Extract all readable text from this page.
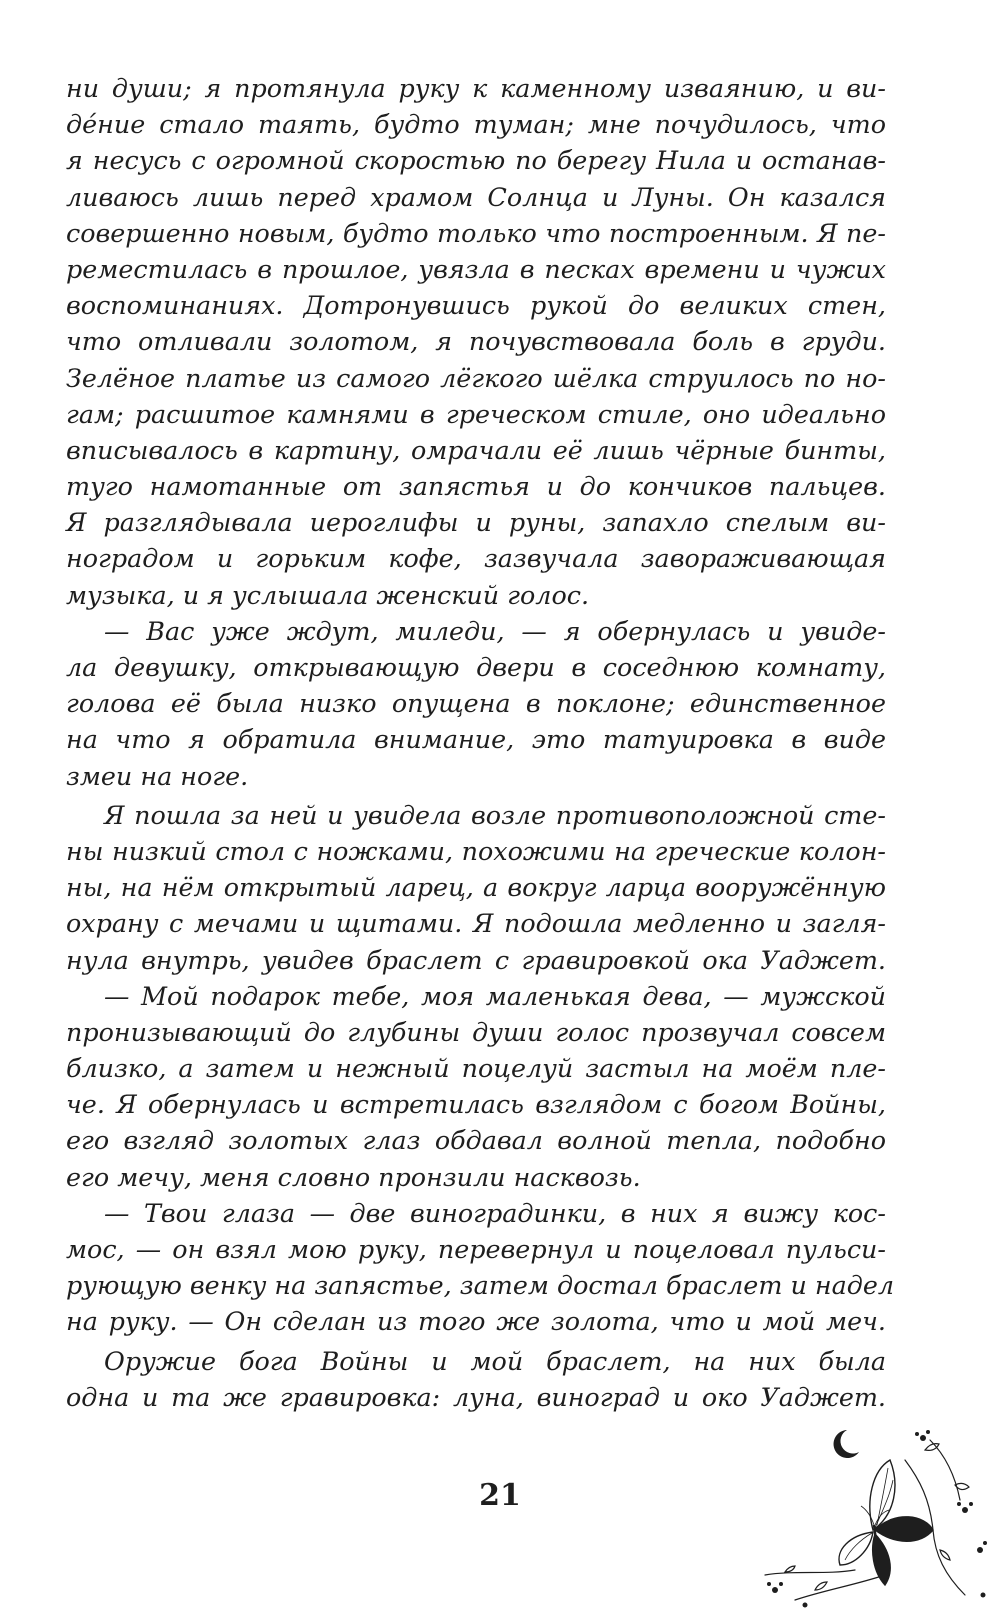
ни души; я протянула руку к каменному изваянию, и ви-
де́ние стало таять, будто туман; мне почудилось, что
я несусь с огромной скоростью по берегу Нила и останав-
ливаюсь лишь перед храмом Солнца и Луны. Он казался
совершенно новым, будто только что построенным. Я пе-
реместилась в прошлое, увязла в песках времени и чужих
воспоминаниях. Дотронувшись рукой до великих стен,
что отливали золотом, я почувствовала боль в груди.
Зелёное платье из самого лёгкого шёлка струилось по но-
гам; расшитое камнями в греческом стиле, оно идеально
вписывалось в картину, омрачали её лишь чёрные бинты,
туго намотанные от запястья и до кончиков пальцев.
Я разглядывала иероглифы и руны, запахло спелым ви-
ноградом и горьким кофе, зазвучала завораживающая
музыка, и я услышала женский голос.
— Вас уже ждут, миледи, — я обернулась и увиде-
ла девушку, открывающую двери в соседнюю комнату,
голова её была низко опущена в поклоне; единственное
на что я обратила внимание, это татуировка в виде
змеи на ноге.
Я пошла за ней и увидела возле противоположной сте-
ны низкий стол с ножками, похожими на греческие колон-
ны, на нём открытый ларец, а вокруг ларца вооружённую
охрану с мечами и щитами. Я подошла медленно и загля-
нула внутрь, увидев браслет с гравировкой ока Уаджет.
— Мой подарок тебе, моя маленькая дева, — мужской
пронизывающий до глубины души голос прозвучал совсем
близко, а затем и нежный поцелуй застыл на моём пле-
че. Я обернулась и встретилась взглядом с богом Войны,
его взгляд золотых глаз обдавал волной тепла, подобно
его мечу, меня словно пронзили насквозь.
— Твои глаза — две виноградинки, в них я вижу кос-
мос, — он взял мою руку, перевернул и поцеловал пульси-
рующую венку на запястье, затем достал браслет и надел
на руку. — Он сделан из того же золота, что и мой меч.
Оружие бога Войны и мой браслет, на них была
одна и та же гравировка: луна, виноград и око Уаджет.
21
